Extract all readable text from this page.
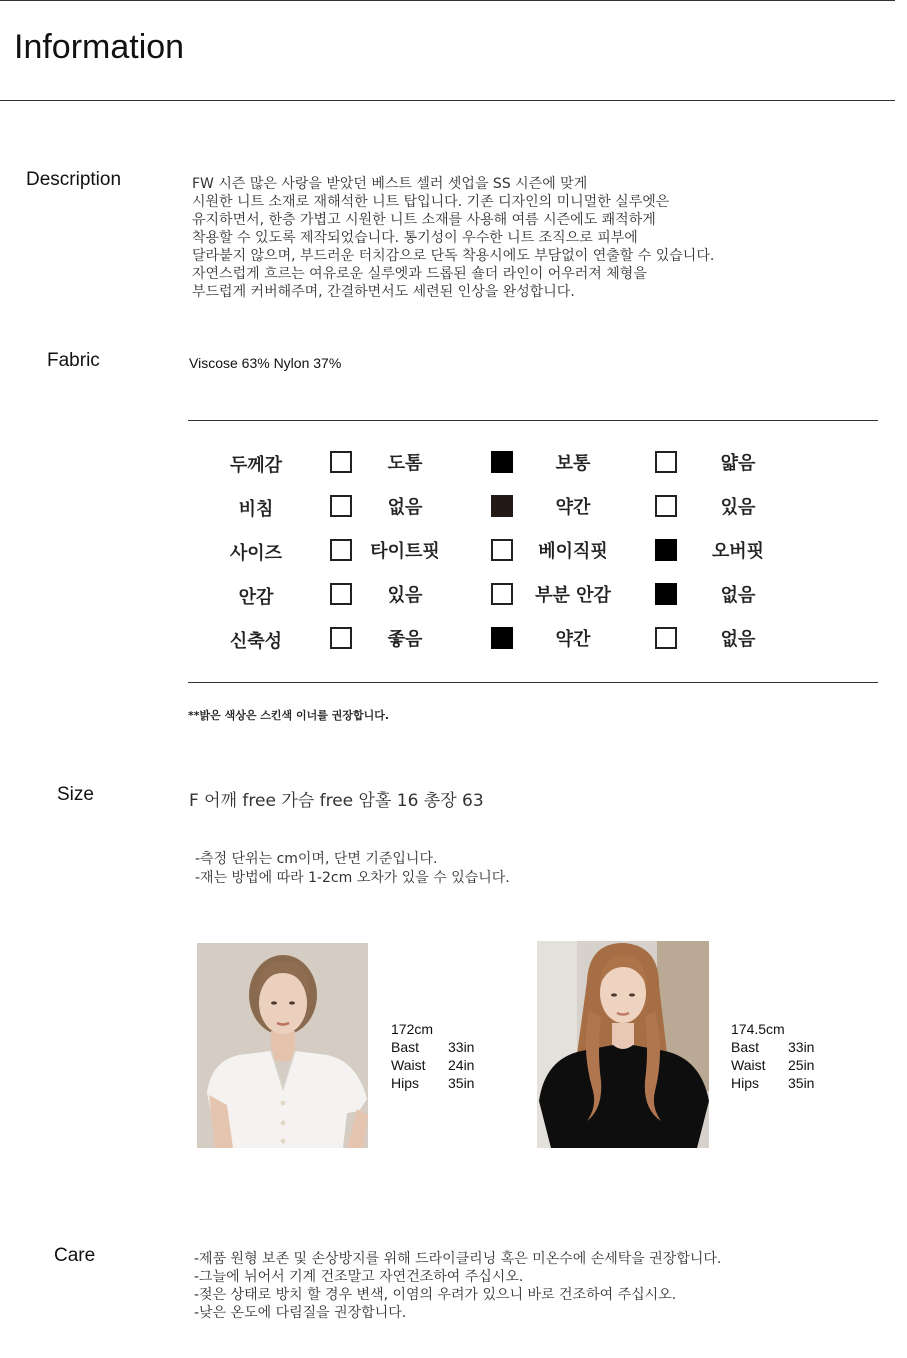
Information
Description	FW 시즌 많은 사랑을 받았던 베스트 셀러 셋업을 SS 시즌에 맞게
시원한 니트 소재로 재해석한 니트 탑입니다. 기존 디자인의 미니멀한 실루엣은
유지하면서, 한층 가볍고 시원한 니트 소재를 사용해 여름 시즌에도 쾌적하게
착용할 수 있도록 제작되었습니다. 통기성이 우수한 니트 조직으로 피부에
달라붙지 않으며, 부드러운 터치감으로 단독 착용시에도 부담없이 연출할 수 있습니다.
자연스럽게 흐르는 여유로운 실루엣과 드롭된 숄더 라인이 어우러져 체형을
부드럽게 커버해주며, 간결하면서도 세련된 인상을 완성합니다.
Fabric	Viscose 63% Nylon 37%
두께감	도톰	보통	얇음
비침	없음	약간	있음
사이즈	타이트핏	베이직핏	오버핏
안감	있음	부분 안감	없음
신축성	좋음	약간	없음
**밝은 색상은 스킨색 이너를 권장합니다.
Size	F 어깨 free 가슴 free 암홀 16 총장 63
-측정 단위는 cm이며, 단면 기준입니다.
-재는 방법에 따라 1-2cm 오차가 있을 수 있습니다.
172cm
Bast	33in
Waist	24in
Hips	35in
174.5cm
Bast	33in
Waist	25in
Hips	35in
Care	-제품 원형 보존 및 손상방지를 위해 드라이클리닝 혹은 미온수에 손세탁을 권장합니다.
-그늘에 뉘어서 기계 건조말고 자연건조하여 주십시오.
-젖은 상태로 방치 할 경우 변색, 이염의 우려가 있으니 바로 건조하여 주십시오.
-낮은 온도에 다림질을 권장합니다.
